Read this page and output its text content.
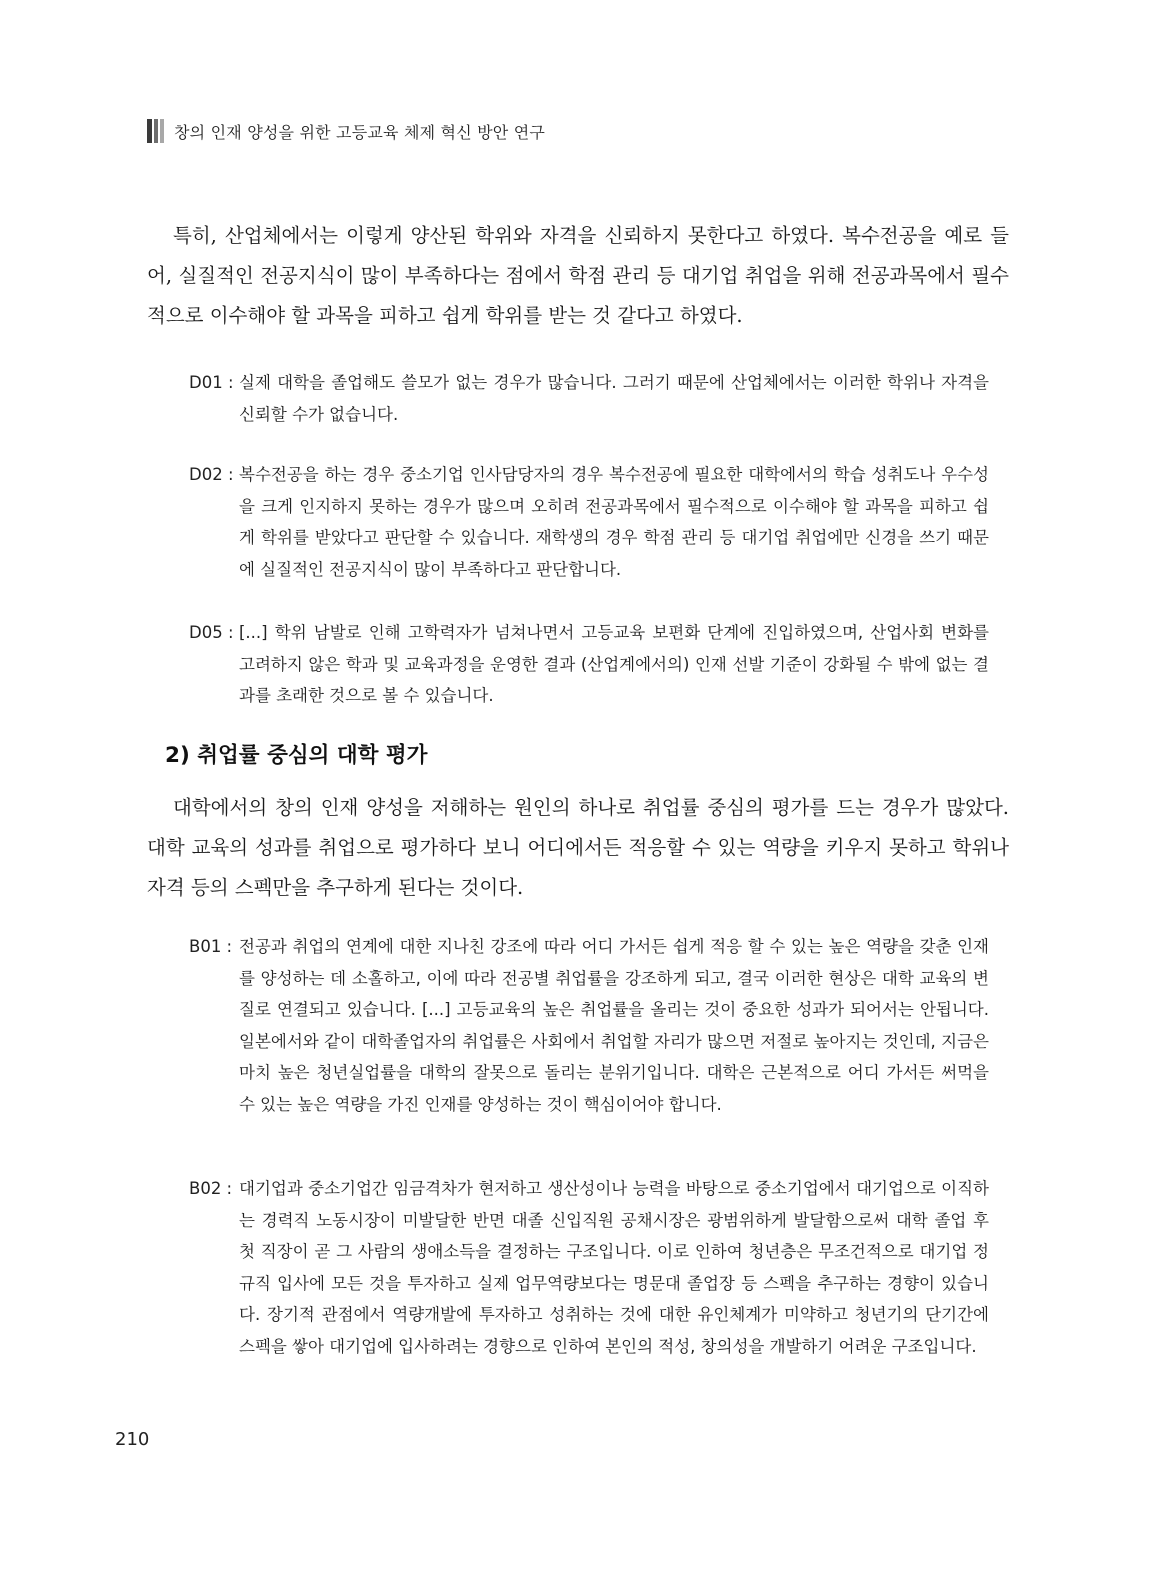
창의 인재 양성을 위한 고등교육 체제 혁신 방안 연구

특히, 산업체에서는 이렇게 양산된 학위와 자격을 신뢰하지 못한다고 하였다. 복수전공을 예로 들어, 실질적인 전공지식이 많이 부족하다는 점에서 학점 관리 등 대기업 취업을 위해 전공과목에서 필수적으로 이수해야 할 과목을 피하고 쉽게 학위를 받는 것 같다고 하였다.

D01 : 실제 대학을 졸업해도 쓸모가 없는 경우가 많습니다. 그러기 때문에 산업체에서는 이러한 학위나 자격을 신뢰할 수가 없습니다.
D02 : 복수전공을 하는 경우 중소기업 인사담당자의 경우 복수전공에 필요한 대학에서의 학습 성취도나 우수성을 크게 인지하지 못하는 경우가 많으며 오히려 전공과목에서 필수적으로 이수해야 할 과목을 피하고 쉽게 학위를 받았다고 판단할 수 있습니다. 재학생의 경우 학점 관리 등 대기업 취업에만 신경을 쓰기 때문에 실질적인 전공지식이 많이 부족하다고 판단합니다.
D05 : [...] 학위 남발로 인해 고학력자가 넘쳐나면서 고등교육 보편화 단계에 진입하였으며, 산업사회 변화를 고려하지 않은 학과 및 교육과정을 운영한 결과 (산업계에서의) 인재 선발 기준이 강화될 수 밖에 없는 결과를 초래한 것으로 볼 수 있습니다.
2) 취업률 중심의 대학 평가

대학에서의 창의 인재 양성을 저해하는 원인의 하나로 취업률 중심의 평가를 드는 경우가 많았다. 대학 교육의 성과를 취업으로 평가하다 보니 어디에서든 적응할 수 있는 역량을 키우지 못하고 학위나 자격 등의 스펙만을 추구하게 된다는 것이다.

B01 : 전공과 취업의 연계에 대한 지나친 강조에 따라 어디 가서든 쉽게 적응 할 수 있는 높은 역량을 갖춘 인재를 양성하는 데 소홀하고, 이에 따라 전공별 취업률을 강조하게 되고, 결국 이러한 현상은 대학 교육의 변질로 연결되고 있습니다. [...] 고등교육의 높은 취업률을 올리는 것이 중요한 성과가 되어서는 안됩니다. 일본에서와 같이 대학졸업자의 취업률은 사회에서 취업할 자리가 많으면 저절로 높아지는 것인데, 지금은 마치 높은 청년실업률을 대학의 잘못으로 돌리는 분위기입니다. 대학은 근본적으로 어디 가서든 써먹을 수 있는 높은 역량을 가진 인재를 양성하는 것이 핵심이어야 합니다.
B02 : 대기업과 중소기업간 임금격차가 현저하고 생산성이나 능력을 바탕으로 중소기업에서 대기업으로 이직하는 경력직 노동시장이 미발달한 반면 대졸 신입직원 공채시장은 광범위하게 발달함으로써 대학 졸업 후 첫 직장이 곧 그 사람의 생애소득을 결정하는 구조입니다. 이로 인하여 청년층은 무조건적으로 대기업 정규직 입사에 모든 것을 투자하고 실제 업무역량보다는 명문대 졸업장 등 스펙을 추구하는 경향이 있습니다. 장기적 관점에서 역량개발에 투자하고 성취하는 것에 대한 유인체계가 미약하고 청년기의 단기간에 스펙을 쌓아 대기업에 입사하려는 경향으로 인하여 본인의 적성, 창의성을 개발하기 어려운 구조입니다.
210
